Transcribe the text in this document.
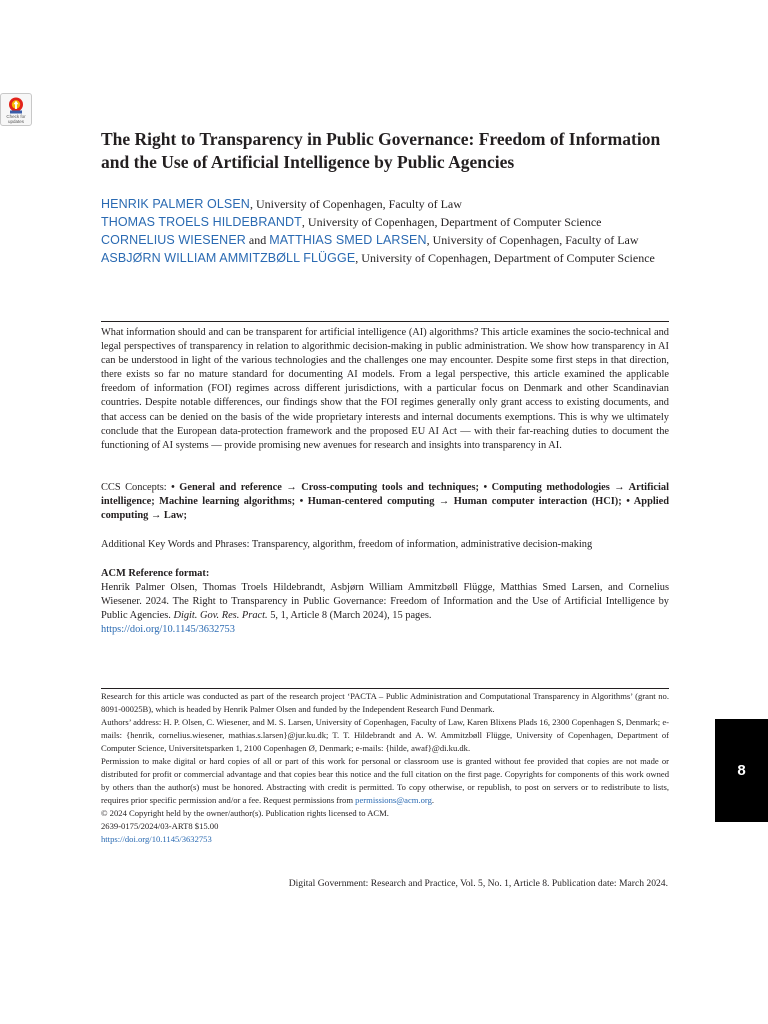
Check for updates
The Right to Transparency in Public Governance: Freedom of Information and the Use of Artificial Intelligence by Public Agencies

HENRIK PALMER OLSEN, University of Copenhagen, Faculty of Law

THOMAS TROELS HILDEBRANDT, University of Copenhagen, Department of Computer Science

CORNELIUS WIESENER and MATTHIAS SMED LARSEN, University of Copenhagen, Faculty of Law

ASBJØRN WILLIAM AMMITZBØLL FLÜGGE, University of Copenhagen, Department of Computer Science

What information should and can be transparent for artificial intelligence (AI) algorithms? This article examines the socio-technical and legal perspectives of transparency in relation to algorithmic decision-making in public administration. We show how transparency in AI can be understood in light of the various technologies and the challenges one may encounter. Despite some first steps in that direction, there exists so far no mature standard for documenting AI models. From a legal perspective, this article examined the applicable freedom of information (FOI) regimes across different jurisdictions, with a particular focus on Denmark and other Scandinavian countries. Despite notable differences, our findings show that the FOI regimes generally only grant access to existing documents, and that access can be denied on the basis of the wide proprietary interests and internal documents exemptions. This is why we ultimately conclude that the European data-protection framework and the proposed EU AI Act — with their far-reaching duties to document the functioning of AI systems — provide promising new avenues for research and insights into transparency in AI.

CCS Concepts: • General and reference → Cross-computing tools and techniques; • Computing methodologies → Artificial intelligence; Machine learning algorithms; • Human-centered computing → Human computer interaction (HCI); • Applied computing → Law;

Additional Key Words and Phrases: Transparency, algorithm, freedom of information, administrative decision-making

ACM Reference format:

Henrik Palmer Olsen, Thomas Troels Hildebrandt, Asbjørn William Ammitzbøll Flügge, Matthias Smed Larsen, and Cornelius Wiesener. 2024. The Right to Transparency in Public Governance: Freedom of Information and the Use of Artificial Intelligence by Public Agencies. Digit. Gov. Res. Pract. 5, 1, Article 8 (March 2024), 15 pages.
https://doi.org/10.1145/3632753

Research for this article was conducted as part of the research project ‘PACTA – Public Administration and Computational Transparency in Algorithms’ (grant no. 8091-00025B), which is headed by Henrik Palmer Olsen and funded by the Independent Research Fund Denmark.

Authors’ address: H. P. Olsen, C. Wiesener, and M. S. Larsen, University of Copenhagen, Faculty of Law, Karen Blixens Plads 16, 2300 Copenhagen S, Denmark; e-mails: {henrik, cornelius.wiesener, mathias.s.larsen}@jur.ku.dk; T. T. Hildebrandt and A. W. Ammitzbøll Flügge, University of Copenhagen, Department of Computer Science, Universitetsparken 1, 2100 Copenhagen Ø, Denmark; e-mails: {hilde, awaf}@di.ku.dk.

Permission to make digital or hard copies of all or part of this work for personal or classroom use is granted without fee provided that copies are not made or distributed for profit or commercial advantage and that copies bear this notice and the full citation on the first page. Copyrights for components of this work owned by others than the author(s) must be honored. Abstracting with credit is permitted. To copy otherwise, or republish, to post on servers or to redistribute to lists, requires prior specific permission and/or a fee. Request permissions from permissions@acm.org.

© 2024 Copyright held by the owner/author(s). Publication rights licensed to ACM.

2639-0175/2024/03-ART8 $15.00

https://doi.org/10.1145/3632753

Digital Government: Research and Practice, Vol. 5, No. 1, Article 8. Publication date: March 2024.
8
